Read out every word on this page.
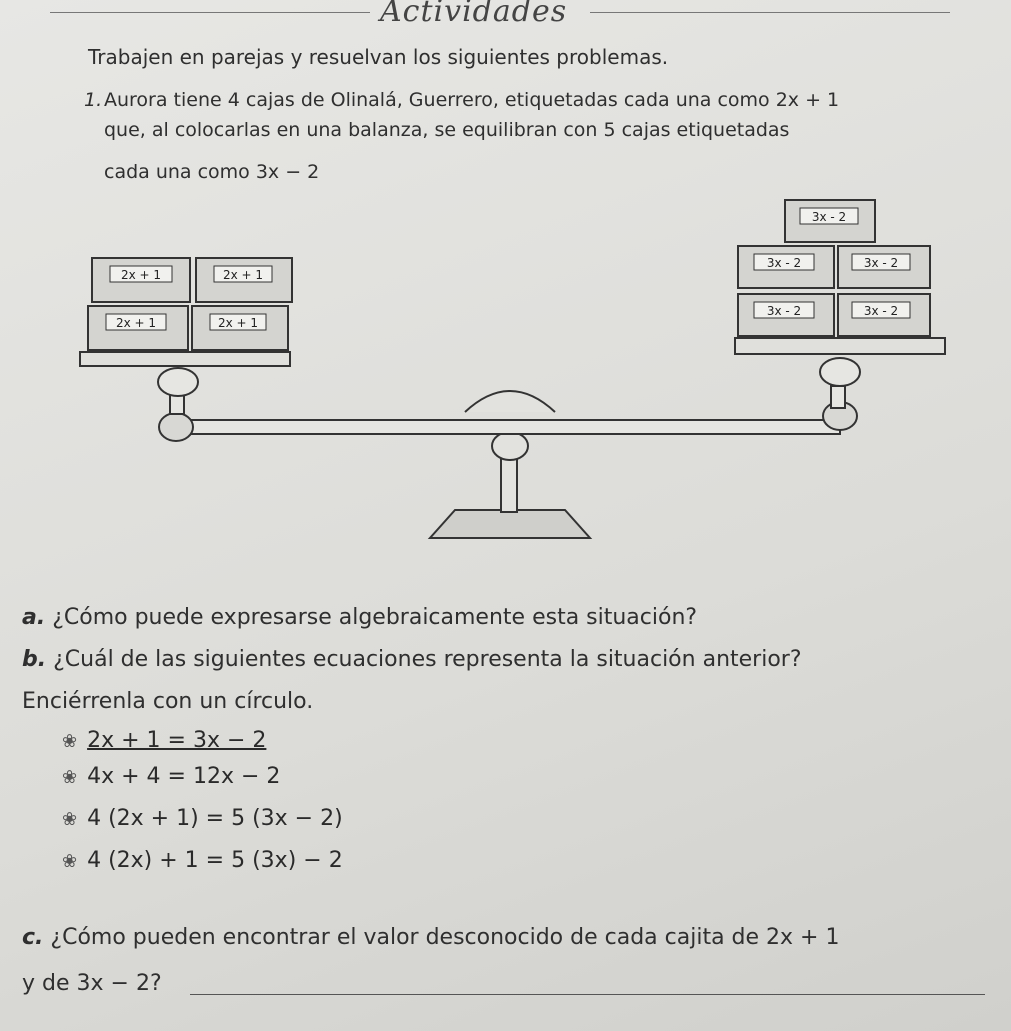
Actividades
Trabajen en parejas y resuelvan los siguientes problemas.
1. Aurora tiene 4 cajas de Olinalá, Guerrero, etiquetadas cada una como 2x + 1
que, al colocarlas en una balanza, se equilibran con 5 cajas etiquetadas
cada una como 3x − 2
2x + 1	2x + 1
2x + 1	2x + 1
3x - 2
3x - 2	3x - 2
3x - 2	3x - 2
a. ¿Cómo puede expresarse algebraicamente esta situación?
b. ¿Cuál de las siguientes ecuaciones representa la situación anterior?
Enciérrenla con un círculo.
❀ 2x + 1 = 3x − 2
❀ 4x + 4 = 12x − 2
❀ 4 (2x + 1) = 5 (3x − 2)
❀ 4 (2x) + 1 = 5 (3x) − 2
c. ¿Cómo pueden encontrar el valor desconocido de cada cajita de 2x + 1
y de 3x − 2?
